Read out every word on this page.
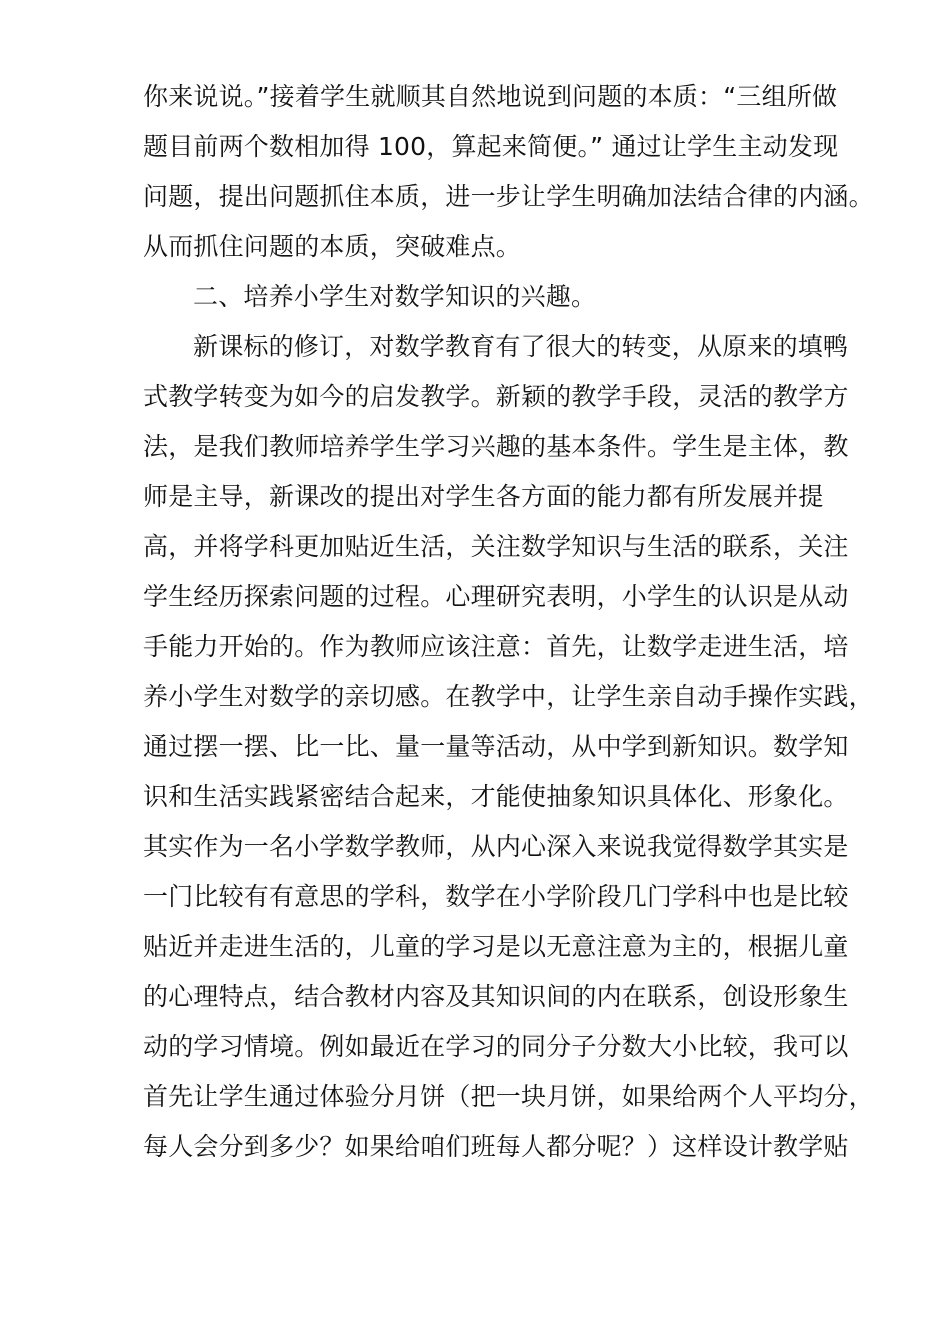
你来说说。”接着学生就顺其自然地说到问题的本质：“三组所做
题目前两个数相加得 100，算起来简便。” 通过让学生主动发现
问题，提出问题抓住本质，进一步让学生明确加法结合律的内涵。
从而抓住问题的本质，突破难点。
二、培养小学生对数学知识的兴趣。
新课标的修订，对数学教育有了很大的转变，从原来的填鸭
式教学转变为如今的启发教学。新颖的教学手段，灵活的教学方
法，是我们教师培养学生学习兴趣的基本条件。学生是主体，教
师是主导，新课改的提出对学生各方面的能力都有所发展并提
高，并将学科更加贴近生活，关注数学知识与生活的联系，关注
学生经历探索问题的过程。心理研究表明，小学生的认识是从动
手能力开始的。作为教师应该注意：首先，让数学走进生活，培
养小学生对数学的亲切感。在教学中，让学生亲自动手操作实践，
通过摆一摆、比一比、量一量等活动，从中学到新知识。数学知
识和生活实践紧密结合起来，才能使抽象知识具体化、形象化。
其实作为一名小学数学教师，从内心深入来说我觉得数学其实是
一门比较有有意思的学科，数学在小学阶段几门学科中也是比较
贴近并走进生活的，儿童的学习是以无意注意为主的，根据儿童
的心理特点，结合教材内容及其知识间的内在联系，创设形象生
动的学习情境。例如最近在学习的同分子分数大小比较，我可以
首先让学生通过体验分月饼（把一块月饼，如果给两个人平均分，
每人会分到多少？如果给咱们班每人都分呢？）这样设计教学贴
